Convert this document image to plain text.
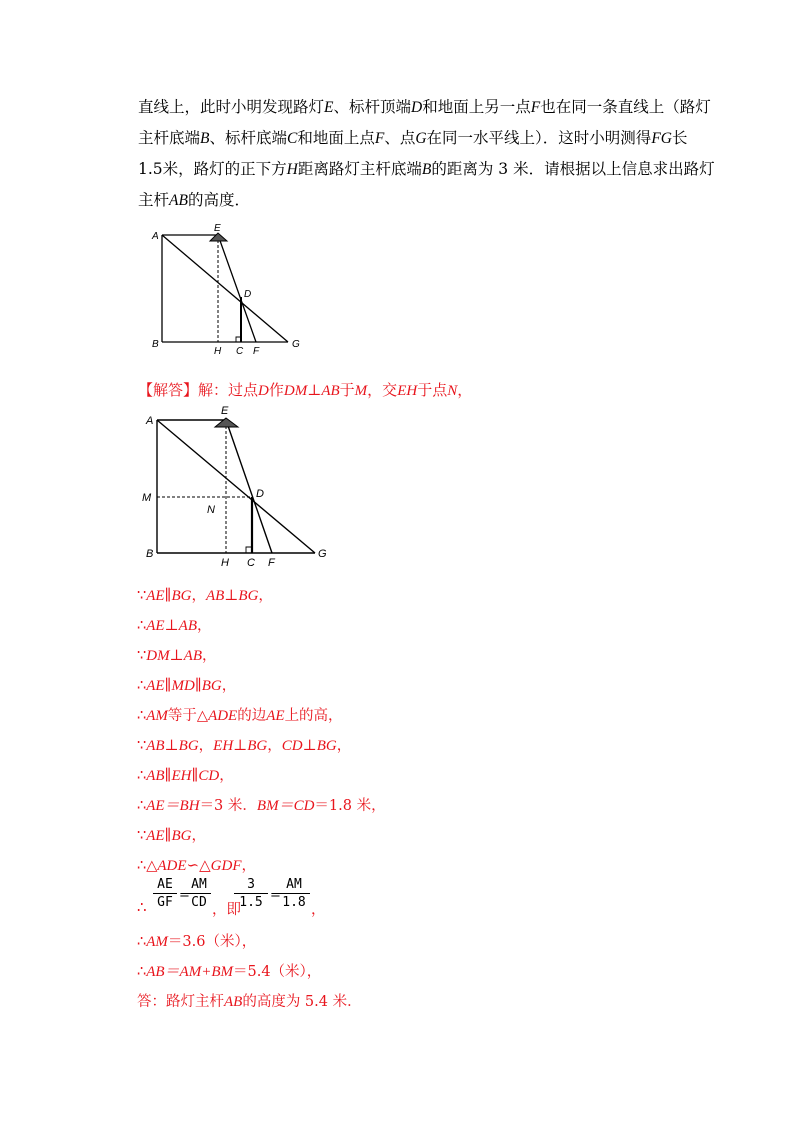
直线上，此时小明发现路灯E、标杆顶端D和地面上另一点F也在同一条直线上（路灯
主杆底端B、标杆底端C和地面上点F、点G在同一水平线上）．这时小明测得FG长
1.5米，路灯的正下方H距离路灯主杆底端B的距离为 3 米．请根据以上信息求出路灯
主杆AB的高度．
A
E
D
B
H C F
G
【解答】解：过点D作DM⊥AB于M，交EH于点N，
A
E
M	D
N
B
H C F
G
∵AE∥BG，AB⊥BG，
∴AE⊥AB，
∵DM⊥AB，
∴AE∥MD∥BG，
∴AM等于△ADE的边AE上的高，
∵AB⊥BG，EH⊥BG，CD⊥BG，
∴AB∥EH∥CD，
∴AE＝BH＝3 米．BM＝CD＝1.8 米，
∵AE∥BG，
∴△ADE∽△GDF，
∴ $\frac{AE}{GF}$ =
$\frac{AM}{CD}$ ，即
$\frac{3}{1.5}$ =
$\frac{AM}{1.8}$ ，
∴AM＝3.6（米），
∴AB＝AM+BM＝5.4（米），
答：路灯主杆AB的高度为 5.4 米．
